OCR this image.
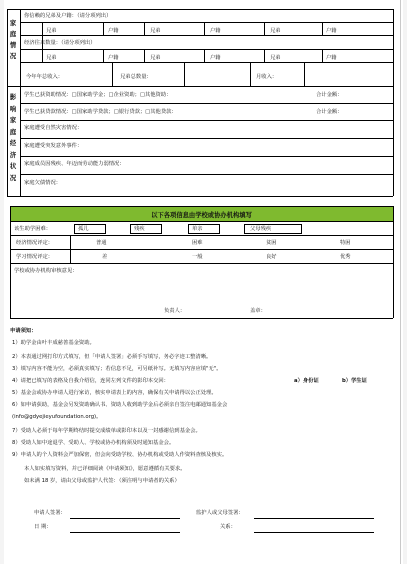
家
庭
情
况
你信赖的兄弟及户籍：（请分项列出）
兄弟	户籍	兄弟	户籍	兄弟	户籍
经济往来数量：（请分项列出）
兄弟	户籍	兄弟	户籍	兄弟	户籍
今年年总收入：	兄弟总数量：	月收入：
影
响
家
庭
经
济
状
况
学生已获资助情况：□国家助学金；□企业资助；□其他资助：	合计金额：
学生已获贷款情况：□国家助学贷款；□银行贷款；□其他贷款：	合计金额：
家庭遭受自然灾害情况：
家庭遭受突发意外事件：
家庭成员因残疾、年迈而劳动能力弱情况：
家庭欠债情况：
以下各项信息由学校或协办机构填写
该生助学困难：	孤儿	残疾	单亲	父母残疾
经济情况评定：	普通	困难	贫困	特困
学习情况评定：	差	一般	良好	优秀
学校或协办机构审核意见：
负责人：	盖章：
申请须知：
1）助学金由叶丰成慈善基金资助。
2）本表通过网打印方式填写，但「申请人签署」必须手写填写，务必字迹工整清晰。
3）填写内容不能为空，必须真实填写；若信息不足，可另纸补写。无填写内容应填"无"。
4）请把已填写的表格及自我介绍信，连同左列文件的影印本交回：	a）身份证	b）学生证
5）基金会或协办申请人进行家访，核实申请表上的内容，确保有关申请得以公正处理。
6）如申请获助，基金会另发资助确认书、资助人收到助学金后必须亲自签注电邮通知基金会
(info@gdyejieyufoundation.org)。
7）受助人必须于每年学期终结时提交成绩单或影印本以及一封感谢信到基金会。
8）受助人如中途退学、受助人、学校或协办机构须及时通知基金会。
9）申请人的个人资料会严加保密，但会向受助学校、协办机构或受助人作资料查核及核实。
本人如实填写资料，并已详细阅读《申请须知》，愿意遵循有关要求。
如未满 18 岁，请由父母或监护人代签：（须注明与申请者的关系）
申请人签署：	监护人或父母签署：
日 期：	关系：
